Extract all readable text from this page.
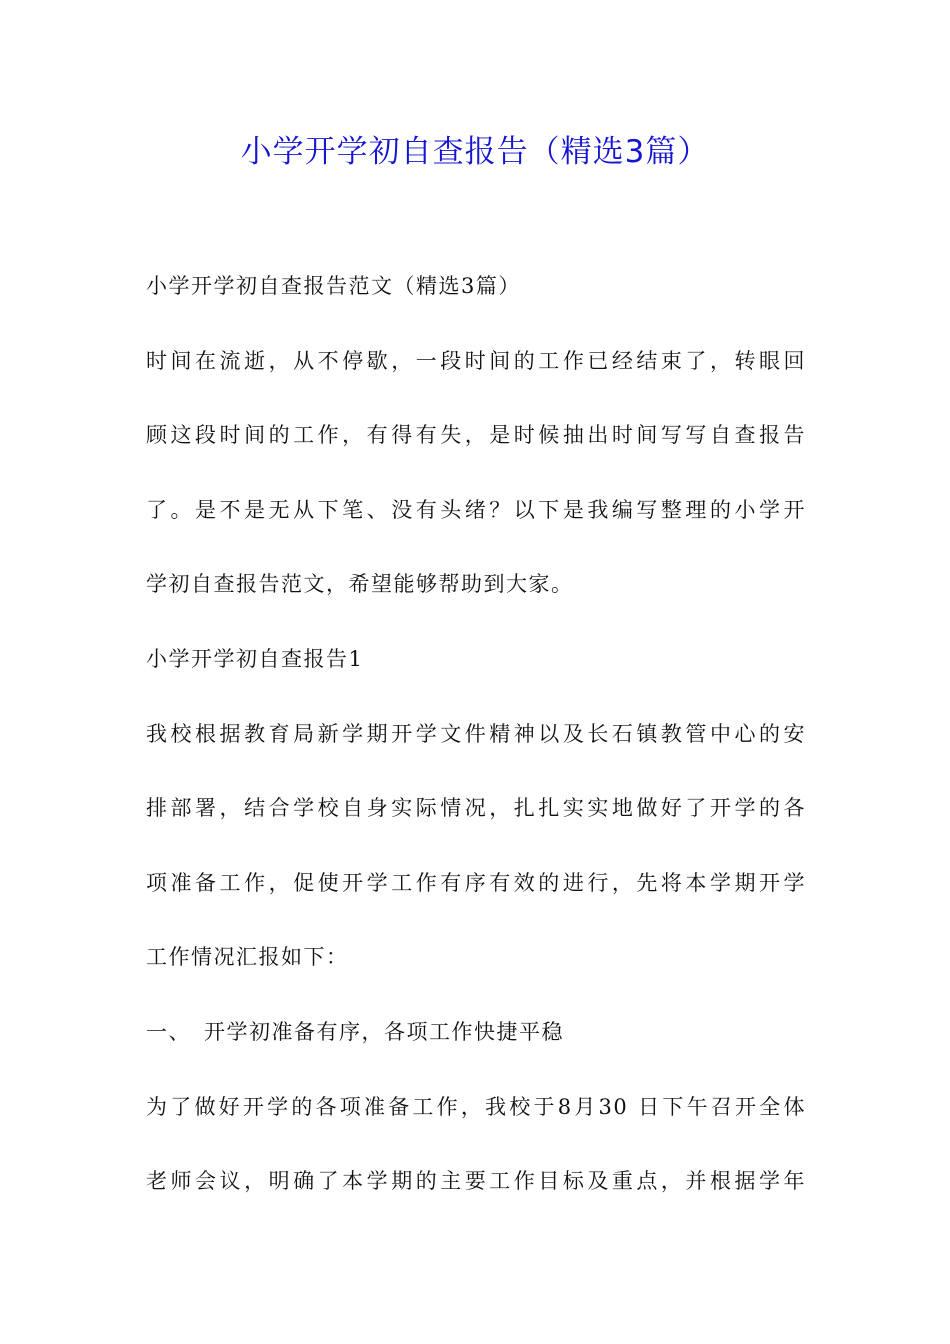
小学开学初自查报告（精选3篇）
小学开学初自查报告范文（精选3篇）
时间在流逝，从不停歇，一段时间的工作已经结束了，转眼回
顾这段时间的工作，有得有失，是时候抽出时间写写自查报告
了。是不是无从下笔、没有头绪？以下是我编写整理的小学开
学初自查报告范文，希望能够帮助到大家。
小学开学初自查报告1
我校根据教育局新学期开学文件精神以及长石镇教管中心的安
排部署，结合学校自身实际情况，扎扎实实地做好了开学的各
项准备工作，促使开学工作有序有效的进行，先将本学期开学
工作情况汇报如下：
一、 开学初准备有序，各项工作快捷平稳
为了做好开学的各项准备工作，我校于8月30 日下午召开全体
老师会议，明确了本学期的主要工作目标及重点，并根据学年
